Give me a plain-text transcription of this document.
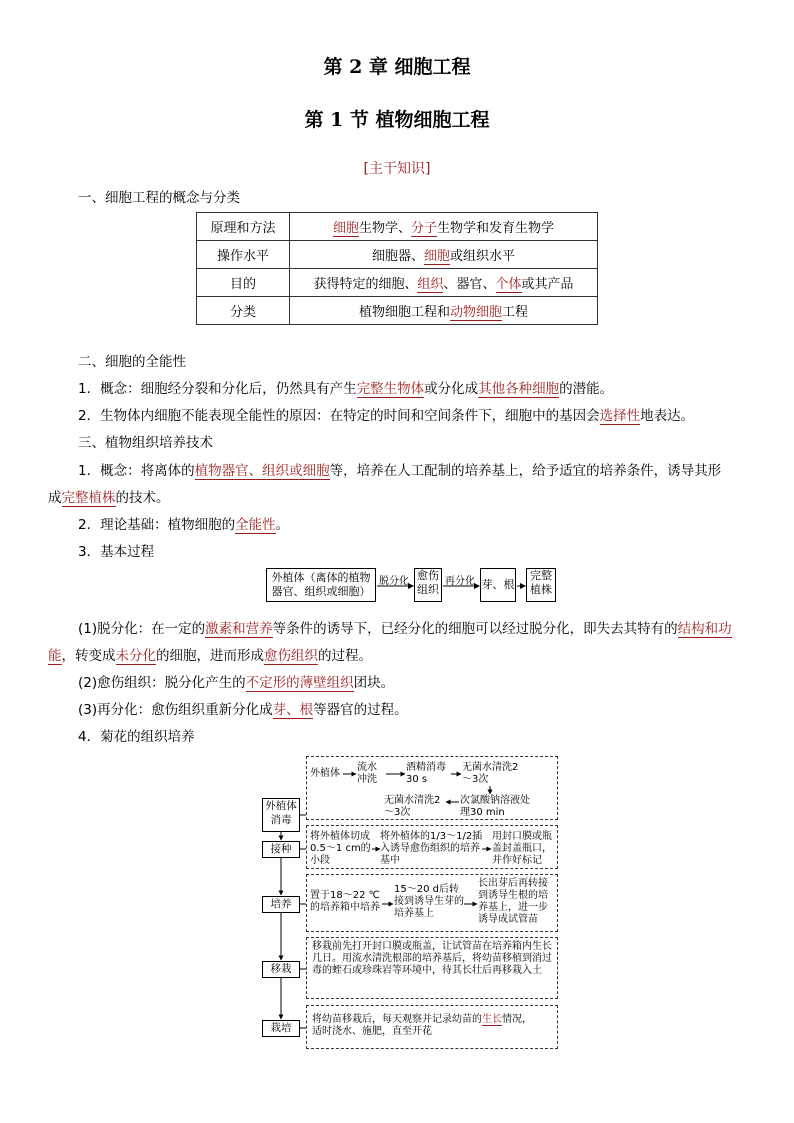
第 2 章 细胞工程
第 1 节 植物细胞工程
[主干知识]
一、细胞工程的概念与分类
原理和方法	细胞生物学、分子生物学和发育生物学
操作水平	细胞器、细胞或组织水平
目的	获得特定的细胞、组织、器官、个体或其产品
分类	植物细胞工程和动物细胞工程
二、细胞的全能性
1．概念：细胞经分裂和分化后，仍然具有产生完整生物体或分化成其他各种细胞的潜能。
2．生物体内细胞不能表现全能性的原因：在特定的时间和空间条件下，细胞中的基因会选择性地表达。
三、植物组织培养技术
1．概念：将离体的植物器官、组织或细胞等，培养在人工配制的培养基上，给予适宜的培养条件，诱导其形
成完整植株的技术。
2．理论基础：植物细胞的全能性。
3．基本过程
外植体（离体的植物器官、组织或细胞）
脱分化 愈伤组织
再分化 芽、根
完整植株
(1)脱分化：在一定的激素和营养等条件的诱导下，已经分化的细胞可以经过脱分化，即失去其特有的结构和功
能，转变成未分化的细胞，进而形成愈伤组织的过程。
(2)愈伤组织：脱分化产生的不定形的薄壁组织团块。
(3)再分化：愈伤组织重新分化成芽、根等器官的过程。
4．菊花的组织培养
外植体消毒
接种
培养
移栽
栽培
外植体
流水冲洗
酒精消毒30 s
无菌水清洗2～3次
次氯酸钠溶液处理30 min
无菌水清洗2～3次
将外植体切成0.5～1 cm的小段
将外植体的1/3～1/2插入诱导愈伤组织的培养基中
用封口膜或瓶盖封盖瓶口，并作好标记
置于18～22 ℃的培养箱中培养
15～20 d后转接到诱导生芽的培养基上
长出芽后再转接到诱导生根的培养基上，进一步诱导成试管苗
移栽前先打开封口膜或瓶盖，让试管苗在培养箱内生长几日。用流水清洗根部的培养基后，将幼苗移植到消过毒的蛭石或珍珠岩等环境中，待其长壮后再移栽入土
将幼苗移栽后，每天观察并记录幼苗的生长情况，
适时浇水、施肥，直至开花
